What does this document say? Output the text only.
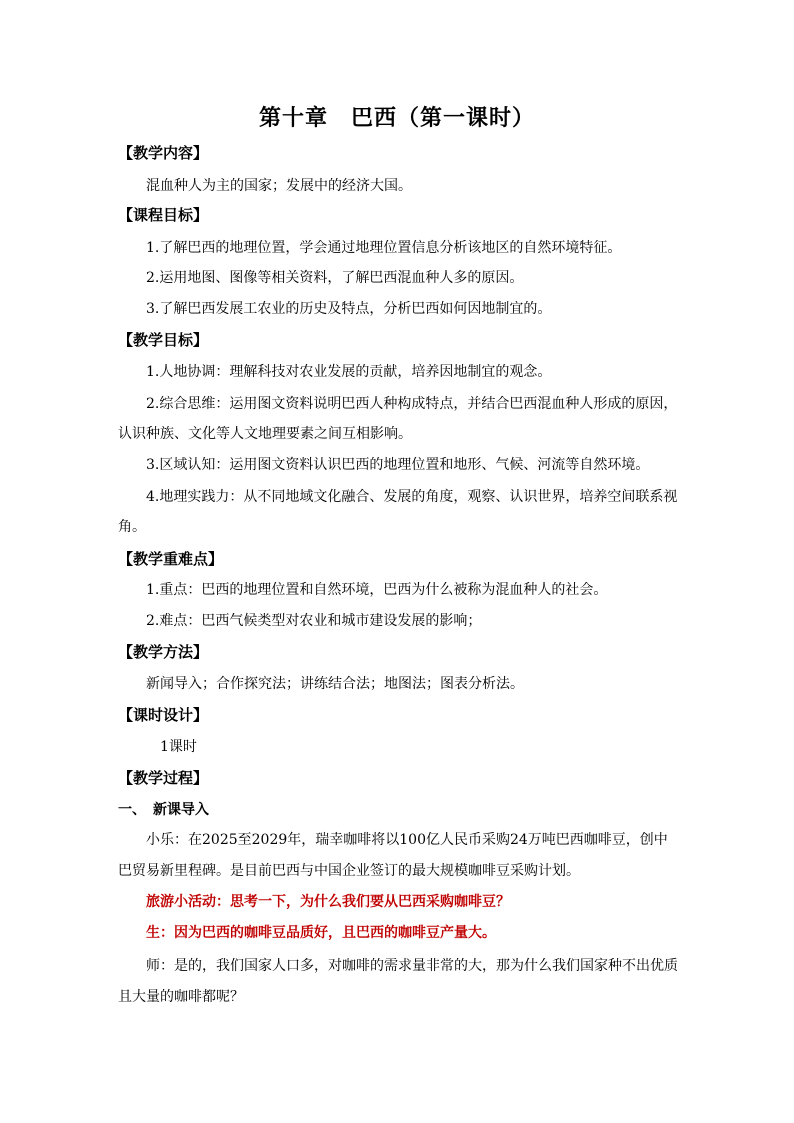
第十章　巴西（第一课时）
【教学内容】
混血种人为主的国家；发展中的经济大国。
【课程目标】
1.了解巴西的地理位置，学会通过地理位置信息分析该地区的自然环境特征。
2.运用地图、图像等相关资料，了解巴西混血种人多的原因。
3.了解巴西发展工农业的历史及特点，分析巴西如何因地制宜的。
【教学目标】
1.人地协调：理解科技对农业发展的贡献，培养因地制宜的观念。
2.综合思维：运用图文资料说明巴西人种构成特点，并结合巴西混血种人形成的原因，
认识种族、文化等人文地理要素之间互相影响。
3.区域认知：运用图文资料认识巴西的地理位置和地形、气候、河流等自然环境。
4.地理实践力：从不同地域文化融合、发展的角度，观察、认识世界，培养空间联系视
角。
【教学重难点】
1.重点：巴西的地理位置和自然环境，巴西为什么被称为混血种人的社会。
2.难点：巴西气候类型对农业和城市建设发展的影响；
【教学方法】
新闻导入；合作探究法；讲练结合法；地图法；图表分析法。
【课时设计】
1课时
【教学过程】
一、　新课导入
小乐：在2025至2029年，瑞幸咖啡将以100亿人民币采购24万吨巴西咖啡豆，创中
巴贸易新里程碑。是目前巴西与中国企业签订的最大规模咖啡豆采购计划。
旅游小活动：思考一下，为什么我们要从巴西采购咖啡豆？
生：因为巴西的咖啡豆品质好，且巴西的咖啡豆产量大。
师：是的，我们国家人口多，对咖啡的需求量非常的大，那为什么我们国家种不出优质
且大量的咖啡都呢？
